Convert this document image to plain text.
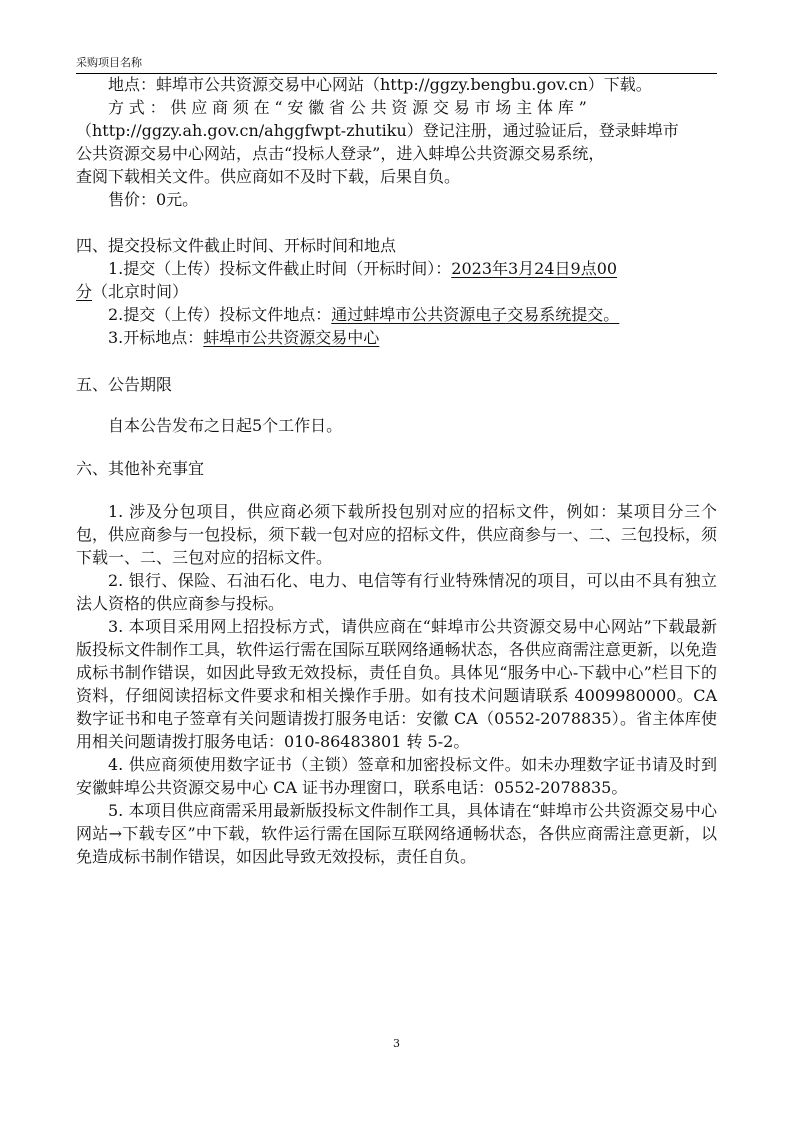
采购项目名称

地点：蚌埠市公共资源交易中心网站（http://ggzy.bengbu.gov.cn）下载。

方式：供应商须在“安徽省公共资源交易市场主体库”

（http://ggzy.ah.gov.cn/ahggfwpt-zhutiku）登记注册，通过验证后，登录蚌埠市

公共资源交易中心网站，点击“投标人登录”，进入蚌埠公共资源交易系统，

查阅下载相关文件。供应商如不及时下载，后果自负。

售价：0元。

四、提交投标文件截止时间、开标时间和地点

1.提交（上传）投标文件截止时间（开标时间）：2023年3月24日9点00

分（北京时间）

2.提交（上传）投标文件地点：通过蚌埠市公共资源电子交易系统提交。

3.开标地点：蚌埠市公共资源交易中心

五、公告期限

自本公告发布之日起5个工作日。

六、其他补充事宜

1. 涉及分包项目，供应商必须下载所投包别对应的招标文件，例如：某项目分三个包，供应商参与一包投标，须下载一包对应的招标文件，供应商参与一、二、三包投标，须下载一、二、三包对应的招标文件。

2. 银行、保险、石油石化、电力、电信等有行业特殊情况的项目，可以由不具有独立法人资格的供应商参与投标。

3. 本项目采用网上招投标方式，请供应商在“蚌埠市公共资源交易中心网站”下载最新版投标文件制作工具，软件运行需在国际互联网络通畅状态，各供应商需注意更新，以免造成标书制作错误，如因此导致无效投标，责任自负。具体见“服务中心-下载中心”栏目下的资料，仔细阅读招标文件要求和相关操作手册。如有技术问题请联系 4009980000。CA 数字证书和电子签章有关问题请拨打服务电话：安徽 CA（0552-2078835）。省主体库使用相关问题请拨打服务电话：010-86483801 转 5-2。

4. 供应商须使用数字证书（主锁）签章和加密投标文件。如未办理数字证书请及时到安徽蚌埠公共资源交易中心 CA 证书办理窗口，联系电话：0552-2078835。

5. 本项目供应商需采用最新版投标文件制作工具，具体请在“蚌埠市公共资源交易中心网站→下载专区”中下载，软件运行需在国际互联网络通畅状态，各供应商需注意更新，以免造成标书制作错误，如因此导致无效投标，责任自负。

3
